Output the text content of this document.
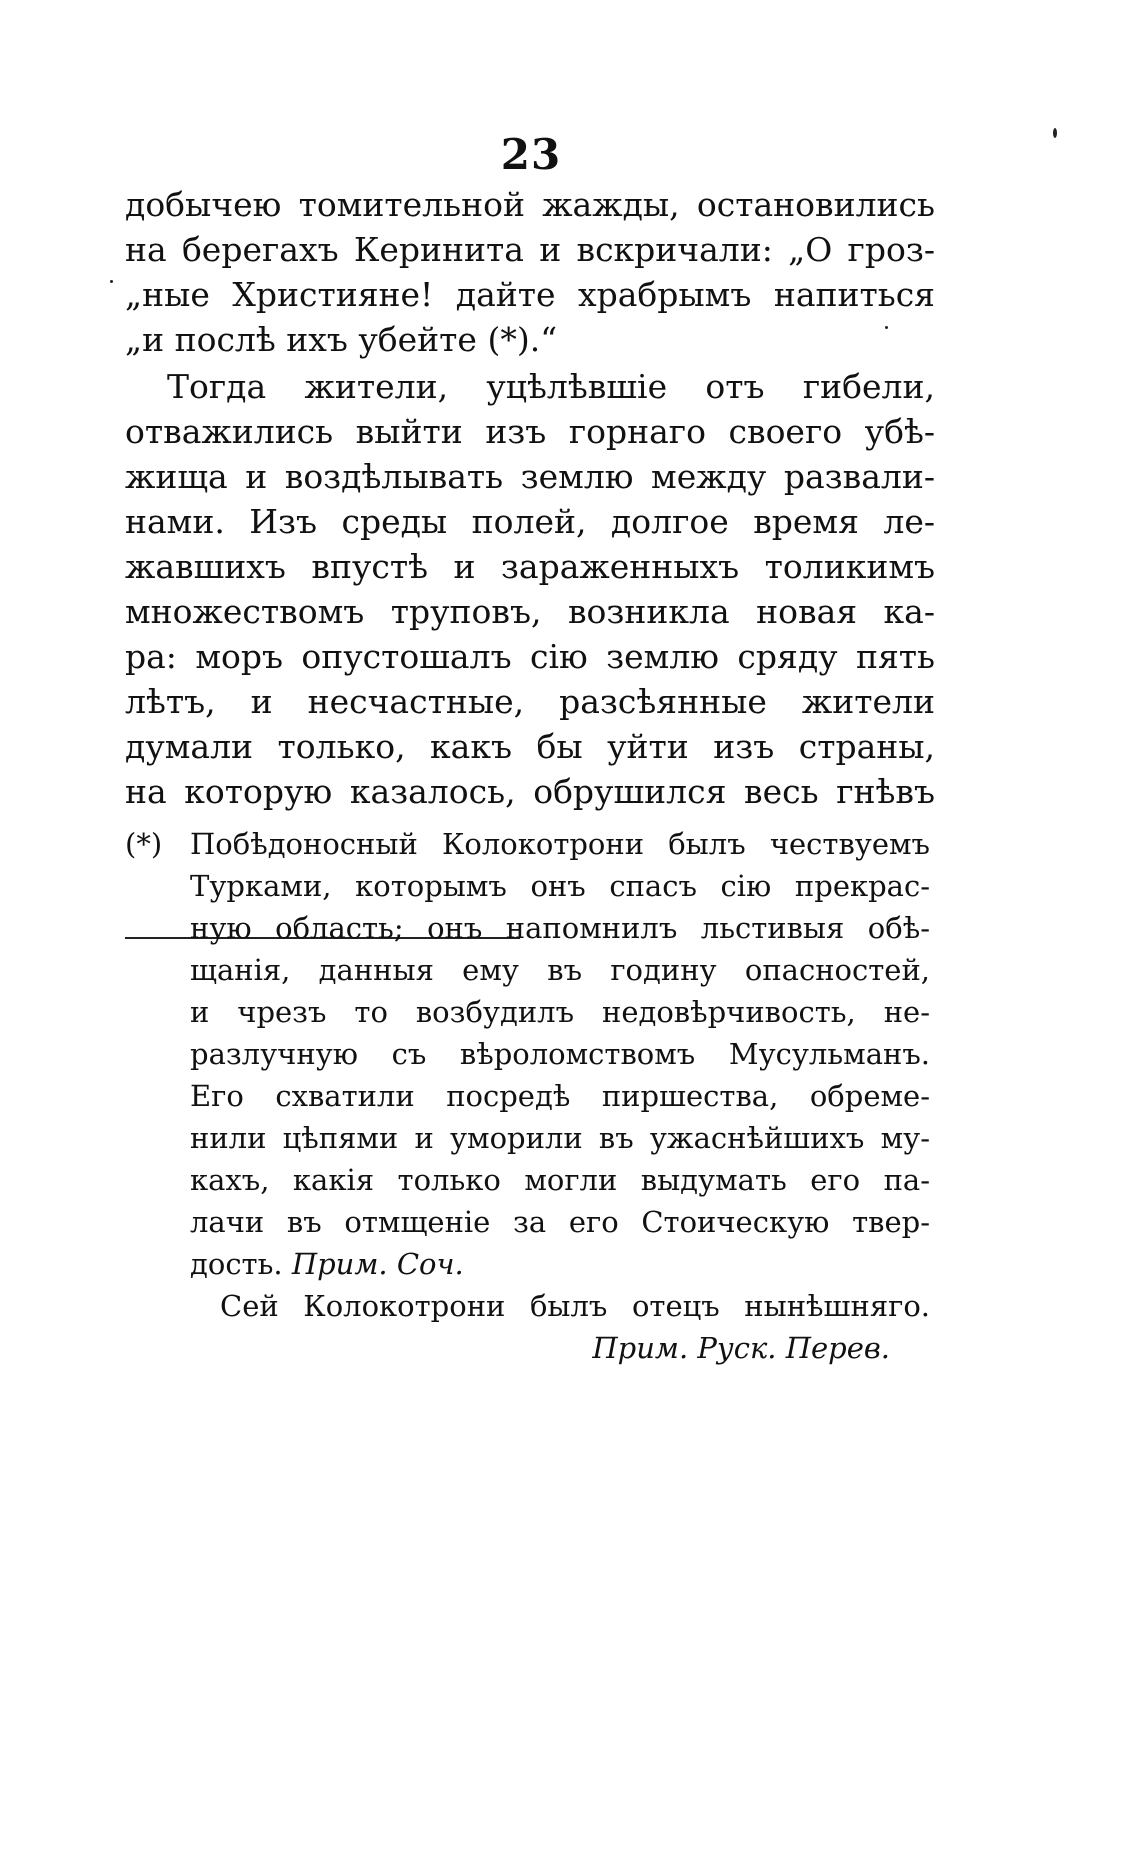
23
добычею томительной жажды, остановились
на берегахъ Керинита и вскричали: „О гроз-
„ные Християне! дайте храбрымъ напиться
„и послѣ ихъ убейте (*).“
Тогда жители, уцѣлѣвшіе отъ гибели,
отважились выйти изъ горнаго своего убѣ-
жища и воздѣлывать землю между развали-
нами. Изъ среды полей, долгое время ле-
жавшихъ впустѣ и зараженныхъ толикимъ
множествомъ труповъ, возникла новая ка-
ра: моръ опустошалъ сію землю сряду пять
лѣтъ, и несчастные, разсѣянные жители
думали только, какъ бы уйти изъ страны,
на которую казалось, обрушился весь гнѣвъ
(*) Побѣдоносный Колокотрони былъ чествуемъ
Турками, которымъ онъ спасъ сію прекрас-
ную область; онъ напомнилъ льстивыя обѣ-
щанія, данныя ему въ годину опасностей,
и чрезъ то возбудилъ недовѣрчивость, не-
разлучную съ вѣроломствомъ Мусульманъ.
Его схватили посредѣ пиршества, обреме-
нили цѣпями и уморили въ ужаснѣйшихъ му-
кахъ, какія только могли выдумать его па-
лачи въ отмщеніе за его Стоическую твер-
дость. Прим. Соч.
Сей Колокотрони былъ отецъ нынѣшняго.
Прим. Руск. Перев.
